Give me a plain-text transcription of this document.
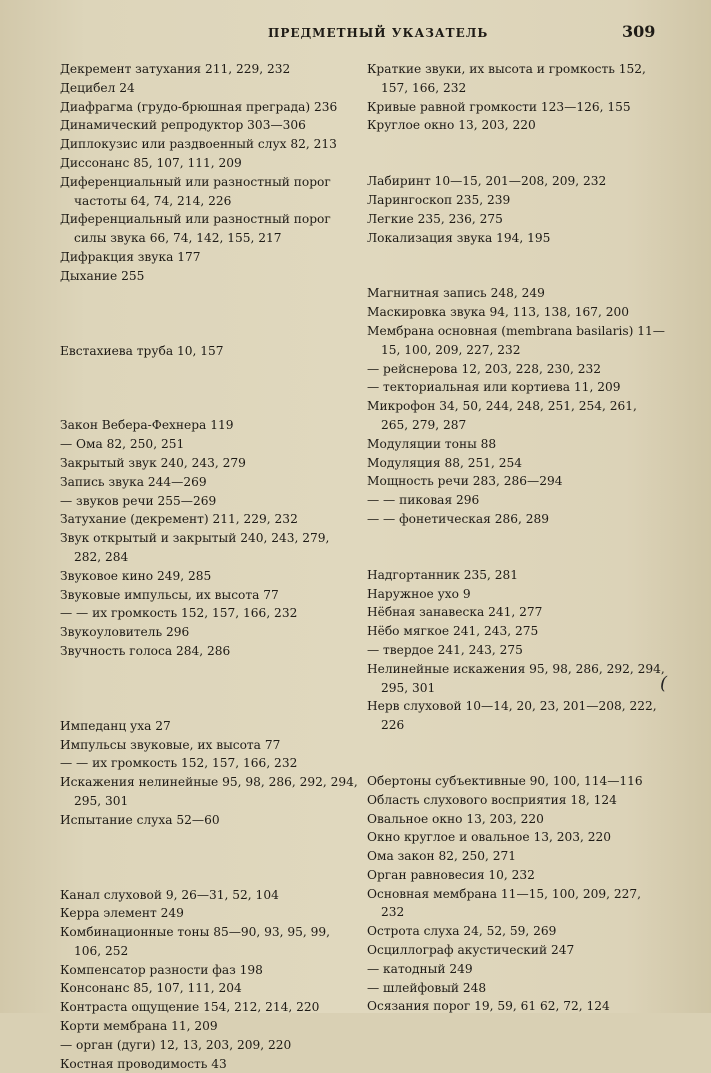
ПРЕДМЕТНЫЙ УКАЗАТЕЛЬ	309
Декремент затухания 211, 229, 232
Децибел 24
Диафрагма (грудо-брюшная преграда) 236
Динамический репродуктор 303—306
Диплокузис или раздвоенный слух 82, 213
Диссонанс 85, 107, 111, 209
Диференциальный или разностный порог частоты 64, 74, 214, 226
Диференциальный или разностный порог силы звука 66, 74, 142, 155, 217
Дифракция звука 177
Дыхание 255
Евстахиева труба 10, 157
Закон Вебера-Фехнера 119
— Ома 82, 250, 251
Закрытый звук 240, 243, 279
Запись звука 244—269
— звуков речи 255—269
Затухание (декремент) 211, 229, 232
Звук открытый и закрытый 240, 243, 279, 282, 284
Звуковое кино 249, 285
Звуковые импульсы, их высота 77
— — их громкость 152, 157, 166, 232
Звукоуловитель 296
Звучность голоса 284, 286
Импеданц уха 27
Импульсы звуковые, их высота 77
— — их громкость 152, 157, 166, 232
Искажения нелинейные 95, 98, 286, 292, 294, 295, 301
Испытание слуха 52—60
Канал слуховой 9, 26—31, 52, 104
Керра элемент 249
Комбинационные тоны 85—90, 93, 95, 99, 106, 252
Компенсатор разности фаз 198
Консонанс 85, 107, 111, 204
Контраста ощущение 154, 212, 214, 220
Корти мембрана 11, 209
— орган (дуги) 12, 13, 203, 209, 220
Костная проводимость 43
Краткие звуки, их высота и громкость 152, 157, 166, 232
Кривые равной громкости 123—126, 155
Круглое окно 13, 203, 220
Лабиринт 10—15, 201—208, 209, 232
Ларингоскоп 235, 239
Легкие 235, 236, 275
Локализация звука 194, 195
Магнитная запись 248, 249
Маскировка звука 94, 113, 138, 167, 200
Мембрана основная (membrana basilaris) 11—15, 100, 209, 227, 232
— рейснерова 12, 203, 228, 230, 232
— текториальная или кортиева 11, 209
Микрофон 34, 50, 244, 248, 251, 254, 261, 265, 279, 287
Модуляции тоны 88
Модуляция 88, 251, 254
Мощность речи 283, 286—294
— — пиковая 296
— — фонетическая 286, 289
Надгортанник 235, 281
Наружное ухо 9
Нёбная занавеска 241, 277
Нёбо мягкое 241, 243, 275
— твердое 241, 243, 275
Нелинейные искажения 95, 98, 286, 292, 294, 295, 301
Нерв слуховой 10—14, 20, 23, 201—208, 222, 226
Обертоны субъективные 90, 100, 114—116
Область слухового восприятия 18, 124
Овальное окно 13, 203, 220
Окно круглое и овальное 13, 203, 220
Ома закон 82, 250, 271
Орган равновесия 10, 232
Основная мембрана 11—15, 100, 209, 227, 232
Острота слуха 24, 52, 59, 269
Осциллограф акустический 247
— катодный 249
— шлейфовый 248
Осязания порог 19, 59, 61 62, 72, 124
(
